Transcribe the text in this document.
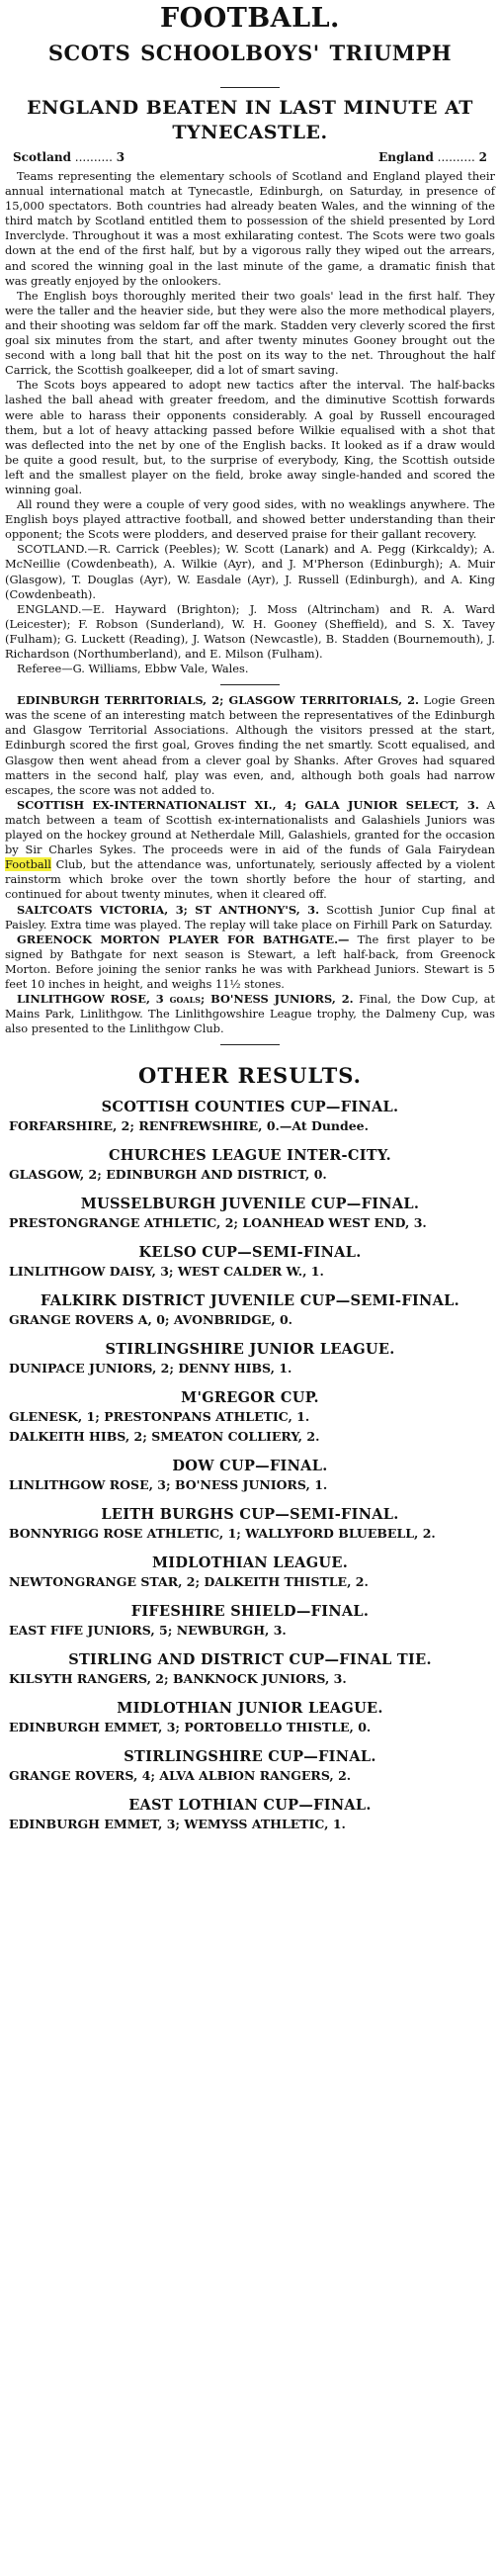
FOOTBALL.
SCOTS SCHOOLBOYS' TRIUMPH
ENGLAND BEATEN IN LAST MINUTE AT TYNECASTLE.
Scotland .......... 3	England .......... 2

Teams representing the elementary schools of Scotland and England played their annual international match at Tynecastle, Edinburgh, on Saturday, in presence of 15,000 spectators. Both countries had already beaten Wales, and the winning of the third match by Scotland entitled them to possession of the shield presented by Lord Inverclyde. Throughout it was a most exhilarating contest. The Scots were two goals down at the end of the first half, but by a vigorous rally they wiped out the arrears, and scored the winning goal in the last minute of the game, a dramatic finish that was greatly enjoyed by the onlookers.

The English boys thoroughly merited their two goals' lead in the first half. They were the taller and the heavier side, but they were also the more methodical players, and their shooting was seldom far off the mark. Stadden very cleverly scored the first goal six minutes from the start, and after twenty minutes Gooney brought out the second with a long ball that hit the post on its way to the net. Throughout the half Carrick, the Scottish goalkeeper, did a lot of smart saving.

The Scots boys appeared to adopt new tactics after the interval. The half-backs lashed the ball ahead with greater freedom, and the diminutive Scottish forwards were able to harass their opponents considerably. A goal by Russell encouraged them, but a lot of heavy attacking passed before Wilkie equalised with a shot that was deflected into the net by one of the English backs. It looked as if a draw would be quite a good result, but, to the surprise of everybody, King, the Scottish outside left and the smallest player on the field, broke away single-handed and scored the winning goal.

All round they were a couple of very good sides, with no weaklings anywhere. The English boys played attractive football, and showed better understanding than their opponent; the Scots were plodders, and deserved praise for their gallant recovery.

SCOTLAND.—R. Carrick (Peebles); W. Scott (Lanark) and A. Pegg (Kirkcaldy); A. McNeillie (Cowdenbeath), A. Wilkie (Ayr), and J. M'Pherson (Edinburgh); A. Muir (Glasgow), T. Douglas (Ayr), W. Easdale (Ayr), J. Russell (Edinburgh), and A. King (Cowdenbeath).

ENGLAND.—E. Hayward (Brighton); J. Moss (Altrincham) and R. A. Ward (Leicester); F. Robson (Sunderland), W. H. Gooney (Sheffield), and S. X. Tavey (Fulham); G. Luckett (Reading), J. Watson (Newcastle), B. Stadden (Bournemouth), J. Richardson (Northumberland), and E. Milson (Fulham).

Referee—G. Williams, Ebbw Vale, Wales.

EDINBURGH TERRITORIALS, 2; GLASGOW TERRITORIALS, 2. Logie Green was the scene of an interesting match between the representatives of the Edinburgh and Glasgow Territorial Associations. Although the visitors pressed at the start, Edinburgh scored the first goal, Groves finding the net smartly. Scott equalised, and Glasgow then went ahead from a clever goal by Shanks. After Groves had squared matters in the second half, play was even, and, although both goals had narrow escapes, the score was not added to.

SCOTTISH EX-INTERNATIONALIST XI., 4; GALA JUNIOR SELECT, 3. A match between a team of Scottish ex-internationalists and Galashiels Juniors was played on the hockey ground at Netherdale Mill, Galashiels, granted for the occasion by Sir Charles Sykes. The proceeds were in aid of the funds of Gala Fairydean Football Club, but the attendance was, unfortunately, seriously affected by a violent rainstorm which broke over the town shortly before the hour of starting, and continued for about twenty minutes, when it cleared off.

SALTCOATS VICTORIA, 3; ST ANTHONY'S, 3. Scottish Junior Cup final at Paisley. Extra time was played. The replay will take place on Firhill Park on Saturday.

GREENOCK MORTON PLAYER FOR BATHGATE.— The first player to be signed by Bathgate for next season is Stewart, a left half-back, from Greenock Morton. Before joining the senior ranks he was with Parkhead Juniors. Stewart is 5 feet 10 inches in height, and weighs 11½ stones.

LINLITHGOW ROSE, 3 goals; BO'NESS JUNIORS, 2. Final, the Dow Cup, at Mains Park, Linlithgow. The Linlithgowshire League trophy, the Dalmeny Cup, was also presented to the Linlithgow Club.

OTHER RESULTS.
SCOTTISH COUNTIES CUP—FINAL.
FORFARSHIRE, 2; RENFREWSHIRE, 0.—At Dundee.
CHURCHES LEAGUE INTER-CITY.
GLASGOW, 2; EDINBURGH AND DISTRICT, 0.
MUSSELBURGH JUVENILE CUP—FINAL.
PRESTONGRANGE ATHLETIC, 2; LOANHEAD WEST END, 3.
KELSO CUP—SEMI-FINAL.
LINLITHGOW DAISY, 3; WEST CALDER W., 1.
FALKIRK DISTRICT JUVENILE CUP—SEMI-FINAL.
GRANGE ROVERS A, 0; AVONBRIDGE, 0.
STIRLINGSHIRE JUNIOR LEAGUE.
DUNIPACE JUNIORS, 2; DENNY HIBS, 1.
M'GREGOR CUP.
GLENESK, 1; PRESTONPANS ATHLETIC, 1.
DALKEITH HIBS, 2; SMEATON COLLIERY, 2.
DOW CUP—FINAL.
LINLITHGOW ROSE, 3; BO'NESS JUNIORS, 1.
LEITH BURGHS CUP—SEMI-FINAL.
BONNYRIGG ROSE ATHLETIC, 1; WALLYFORD BLUEBELL, 2.
MIDLOTHIAN LEAGUE.
NEWTONGRANGE STAR, 2; DALKEITH THISTLE, 2.
FIFESHIRE SHIELD—FINAL.
EAST FIFE JUNIORS, 5; NEWBURGH, 3.
STIRLING AND DISTRICT CUP—FINAL TIE.
KILSYTH RANGERS, 2; BANKNOCK JUNIORS, 3.
MIDLOTHIAN JUNIOR LEAGUE.
EDINBURGH EMMET, 3; PORTOBELLO THISTLE, 0.
STIRLINGSHIRE CUP—FINAL.
GRANGE ROVERS, 4; ALVA ALBION RANGERS, 2.
EAST LOTHIAN CUP—FINAL.
EDINBURGH EMMET, 3; WEMYSS ATHLETIC, 1.
